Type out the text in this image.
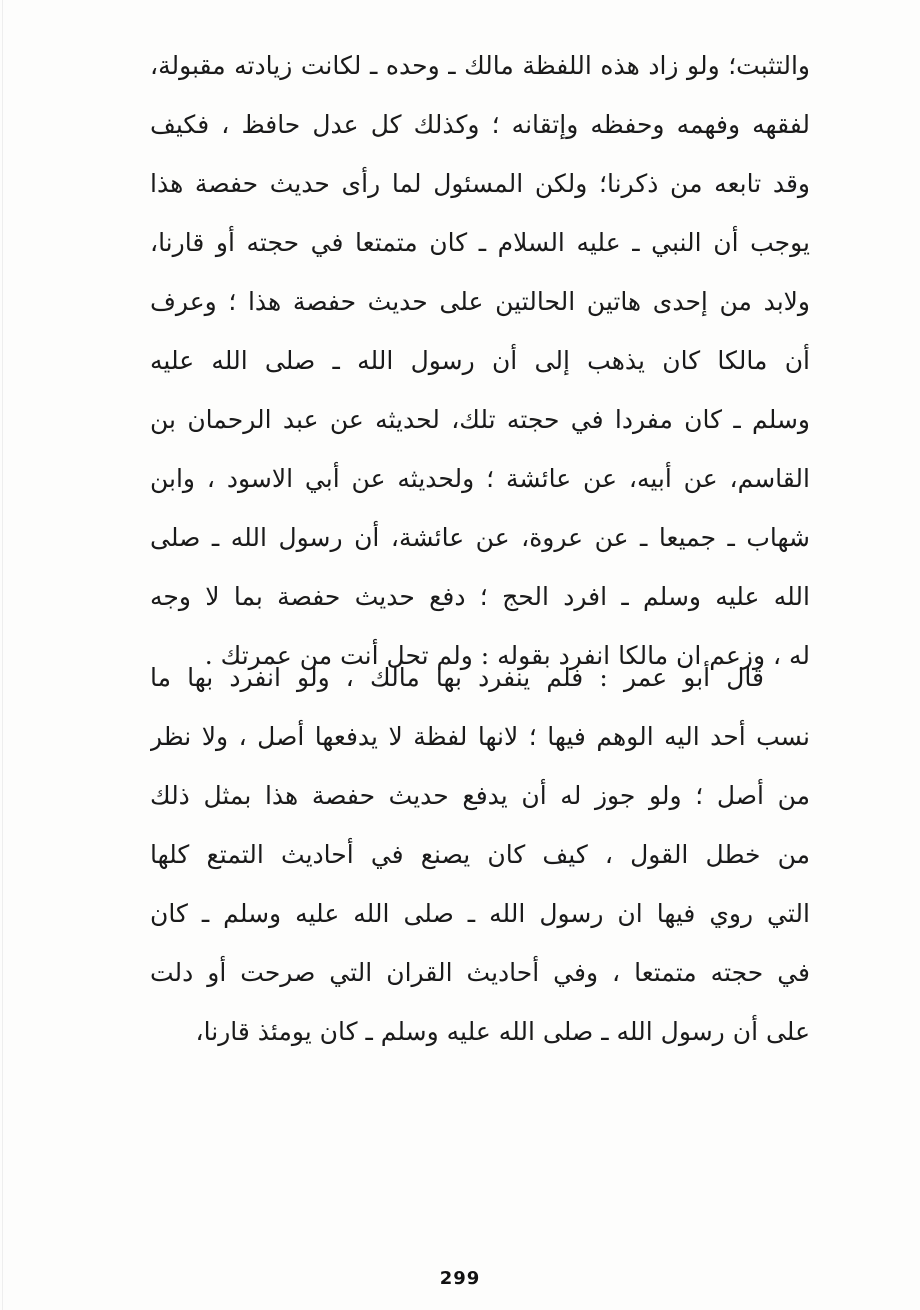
والتثبت؛ ولو زاد هذه اللفظة مالك ـ وحده ـ لكانت زيادته مقبولة،
لفقهه وفهمه وحفظه وإتقانه ؛ وكذلك كل عدل حافظ ، فكيف
وقد تابعه من ذكرنا؛ ولكن المسئول لما رأى حديث حفصة هذا
يوجب أن النبي ـ عليه السلام ـ كان متمتعا في حجته أو قارنا،
ولابد من إحدى هاتين الحالتين على حديث حفصة هذا ؛ وعرف
أن مالكا كان يذهب إلى أن رسول الله ـ صلى الله عليه
وسلم ـ كان مفردا في حجته تلك، لحديثه عن عبد الرحمان بن
القاسم، عن أبيه، عن عائشة ؛ ولحديثه عن أبي الاسود ، وابن
شهاب ـ جميعا ـ عن عروة، عن عائشة، أن رسول الله ـ صلى
الله عليه وسلم ـ افرد الحج ؛ دفع حديث حفصة بما لا وجه
له ، وزعم ان مالكا انفرد بقوله : ولم تحل أنت من عمرتك .
قال أبو عمر : فلم ينفرد بها مالك ، ولو انفرد بها ما
نسب أحد اليه الوهم فيها ؛ لانها لفظة لا يدفعها أصل ، ولا نظر
من أصل ؛ ولو جوز له أن يدفع حديث حفصة هذا بمثل ذلك
من خطل القول ، كيف كان يصنع في أحاديث التمتع كلها
التي روي فيها ان رسول الله ـ صلى الله عليه وسلم ـ كان
في حجته متمتعا ، وفي أحاديث القران التي صرحت أو دلت
على أن رسول الله ـ صلى الله عليه وسلم ـ كان يومئذ قارنا،
299
